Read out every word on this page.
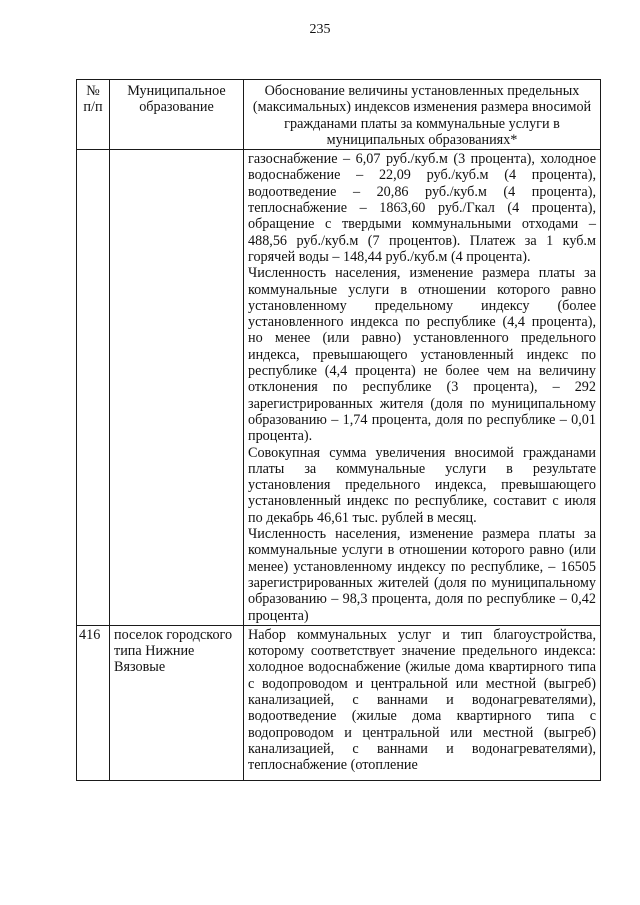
235
№ п/п	Муниципальное образование	Обоснование величины установленных предельных (максимальных) индексов изменения размера вносимой гражданами платы за коммунальные услуги в муниципальных образованиях*

		газоснабжение – 6,07 руб./куб.м (3 процента), холодное водоснабжение – 22,09 руб./куб.м (4 процента), водоотведение – 20,86 руб./куб.м (4 процента), теплоснабжение – 1863,60 руб./Гкал (4 процента), обращение с твердыми коммунальными отходами – 488,56 руб./куб.м (7 процентов). Платеж за 1 куб.м горячей воды – 148,44 руб./куб.м (4 процента).

Численность населения, изменение размера платы за коммунальные услуги в отношении которого равно установленному предельному индексу (более установленного индекса по республике (4,4 процента), но менее (или равно) установленного предельного индекса, превышающего установленный индекс по республике (4,4 процента) не более чем на величину отклонения по республике (3 процента), – 292 зарегистрированных жителя (доля по муниципальному образованию – 1,74 процента, доля по республике – 0,01 процента).

Совокупная сумма увеличения вносимой гражданами платы за коммунальные услуги в результате установления предельного индекса, превышающего установленный индекс по республике, составит с июля по декабрь 46,61 тыс. рублей в месяц.

Численность населения, изменение размера платы за коммунальные услуги в отношении которого равно (или менее) установленному индексу по республике, – 16505 зарегистрированных жителей (доля по муниципальному образованию – 98,3 процента, доля по республике – 0,42 процента)

416	поселок городского типа Нижние Вязовые	Набор коммунальных услуг и тип благоустройства, которому соответствует значение предельного индекса: холодное водоснабжение (жилые дома квартирного типа с водопроводом и центральной или местной (выгреб) канализацией, с ваннами и водонагревателями), водоотведение (жилые дома квартирного типа с водопроводом и центральной или местной (выгреб) канализацией, с ваннами и водонагревателями), теплоснабжение (отопление
